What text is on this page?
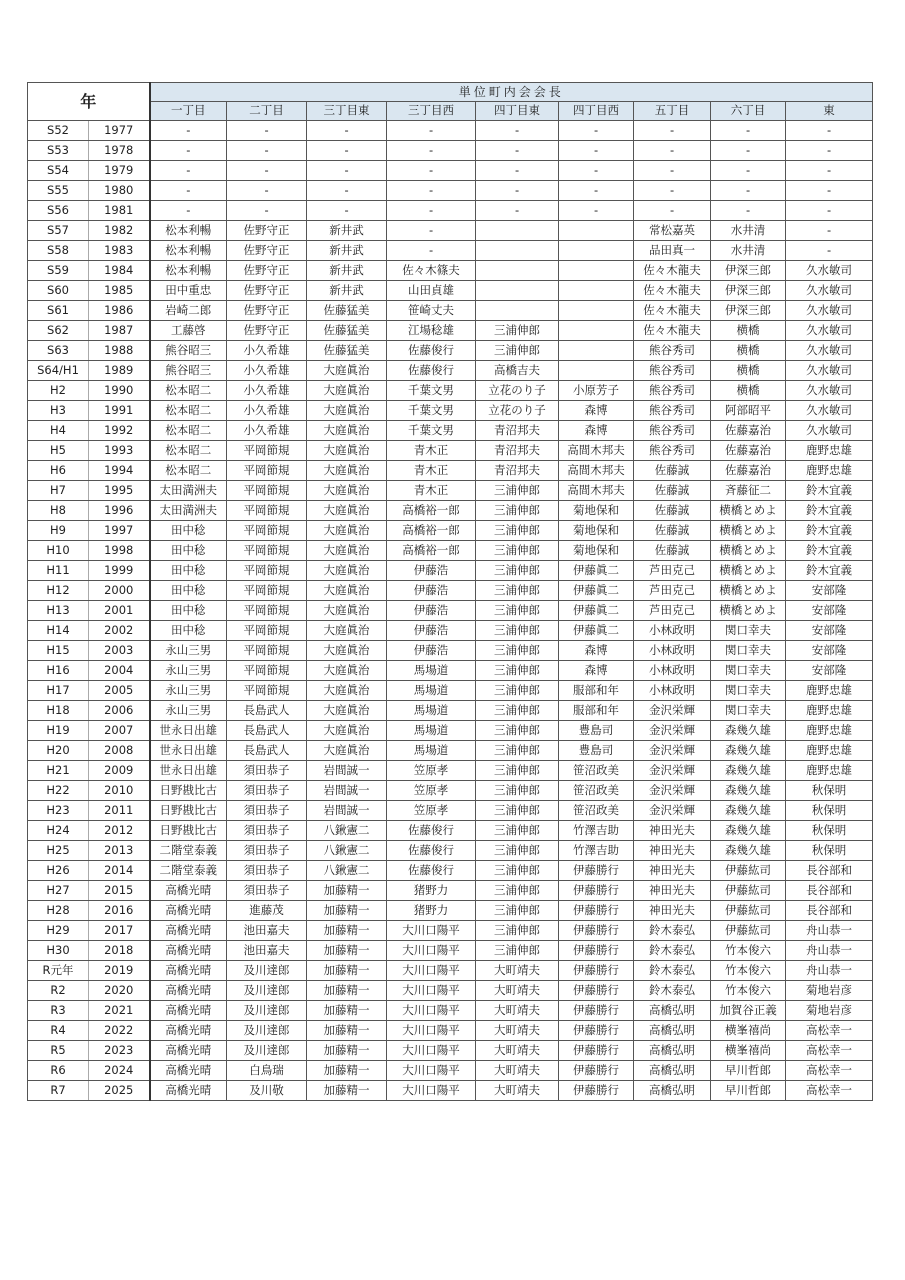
年		単位町内会会長								
		一丁目	二丁目	三丁目東	三丁目西	四丁目東	四丁目西	五丁目	六丁目	東
S52	1977	-	-	-	-	-	-	-	-	-
S53	1978	-	-	-	-	-	-	-	-	-
S54	1979	-	-	-	-	-	-	-	-	-
S55	1980	-	-	-	-	-	-	-	-	-
S56	1981	-	-	-	-	-	-	-	-	-
S57	1982	松本利暢	佐野守正	新井武	-			常松嘉英	水井清	-
S58	1983	松本利暢	佐野守正	新井武	-			品田真一	水井清	-
S59	1984	松本利暢	佐野守正	新井武	佐々木篠夫			佐々木龍夫	伊深三郎	久水敏司
S60	1985	田中重忠	佐野守正	新井武	山田貞雄			佐々木龍夫	伊深三郎	久水敏司
S61	1986	岩崎二郎	佐野守正	佐藤猛美	笹崎丈夫			佐々木龍夫	伊深三郎	久水敏司
S62	1987	工藤啓	佐野守正	佐藤猛美	江場稔雄	三浦伸郎		佐々木龍夫	横橋	久水敏司
S63	1988	熊谷昭三	小久希雄	佐藤猛美	佐藤俊行	三浦伸郎		熊谷秀司	横橋	久水敏司
S64/H1	1989	熊谷昭三	小久希雄	大庭眞治	佐藤俊行	高橋吉夫		熊谷秀司	横橋	久水敏司
H2	1990	松本昭二	小久希雄	大庭眞治	千葉文男	立花のり子	小原芳子	熊谷秀司	横橋	久水敏司
H3	1991	松本昭二	小久希雄	大庭眞治	千葉文男	立花のり子	森博	熊谷秀司	阿部昭平	久水敏司
H4	1992	松本昭二	小久希雄	大庭眞治	千葉文男	青沼邦夫	森博	熊谷秀司	佐藤嘉治	久水敏司
H5	1993	松本昭二	平岡節規	大庭眞治	青木正	青沼邦夫	高間木邦夫	熊谷秀司	佐藤嘉治	鹿野忠雄
H6	1994	松本昭二	平岡節規	大庭眞治	青木正	青沼邦夫	高間木邦夫	佐藤誠	佐藤嘉治	鹿野忠雄
H7	1995	太田満洲夫	平岡節規	大庭眞治	青木正	三浦伸郎	高間木邦夫	佐藤誠	斉藤征二	鈴木宜義
H8	1996	太田満洲夫	平岡節規	大庭眞治	高橋裕一郎	三浦伸郎	菊地保和	佐藤誠	横橋とめよ	鈴木宜義
H9	1997	田中稔	平岡節規	大庭眞治	高橋裕一郎	三浦伸郎	菊地保和	佐藤誠	横橋とめよ	鈴木宜義
H10	1998	田中稔	平岡節規	大庭眞治	高橋裕一郎	三浦伸郎	菊地保和	佐藤誠	横橋とめよ	鈴木宜義
H11	1999	田中稔	平岡節規	大庭眞治	伊藤浩	三浦伸郎	伊藤眞二	芦田克己	横橋とめよ	鈴木宜義
H12	2000	田中稔	平岡節規	大庭眞治	伊藤浩	三浦伸郎	伊藤眞二	芦田克己	横橋とめよ	安部隆
H13	2001	田中稔	平岡節規	大庭眞治	伊藤浩	三浦伸郎	伊藤眞二	芦田克己	横橋とめよ	安部隆
H14	2002	田中稔	平岡節規	大庭眞治	伊藤浩	三浦伸郎	伊藤眞二	小林政明	関口幸夫	安部隆
H15	2003	永山三男	平岡節規	大庭眞治	伊藤浩	三浦伸郎	森博	小林政明	関口幸夫	安部隆
H16	2004	永山三男	平岡節規	大庭眞治	馬場道	三浦伸郎	森博	小林政明	関口幸夫	安部隆
H17	2005	永山三男	平岡節規	大庭眞治	馬場道	三浦伸郎	服部和年	小林政明	関口幸夫	鹿野忠雄
H18	2006	永山三男	長島武人	大庭眞治	馬場道	三浦伸郎	服部和年	金沢栄輝	関口幸夫	鹿野忠雄
H19	2007	世永日出雄	長島武人	大庭眞治	馬場道	三浦伸郎	豊島司	金沢栄輝	森幾久雄	鹿野忠雄
H20	2008	世永日出雄	長島武人	大庭眞治	馬場道	三浦伸郎	豊島司	金沢栄輝	森幾久雄	鹿野忠雄
H21	2009	世永日出雄	須田恭子	岩間誠一	笠原孝	三浦伸郎	笹沼政美	金沢栄輝	森幾久雄	鹿野忠雄
H22	2010	日野戡比古	須田恭子	岩間誠一	笠原孝	三浦伸郎	笹沼政美	金沢栄輝	森幾久雄	秋保明
H23	2011	日野戡比古	須田恭子	岩間誠一	笠原孝	三浦伸郎	笹沼政美	金沢栄輝	森幾久雄	秋保明
H24	2012	日野戡比古	須田恭子	八鍬憲二	佐藤俊行	三浦伸郎	竹澤吉助	神田光夫	森幾久雄	秋保明
H25	2013	二階堂泰義	須田恭子	八鍬憲二	佐藤俊行	三浦伸郎	竹澤吉助	神田光夫	森幾久雄	秋保明
H26	2014	二階堂泰義	須田恭子	八鍬憲二	佐藤俊行	三浦伸郎	伊藤勝行	神田光夫	伊藤紘司	長谷部和
H27	2015	高橋光晴	須田恭子	加藤精一	猪野力	三浦伸郎	伊藤勝行	神田光夫	伊藤紘司	長谷部和
H28	2016	高橋光晴	進藤茂	加藤精一	猪野力	三浦伸郎	伊藤勝行	神田光夫	伊藤紘司	長谷部和
H29	2017	高橋光晴	池田嘉夫	加藤精一	大川口陽平	三浦伸郎	伊藤勝行	鈴木泰弘	伊藤紘司	舟山恭一
H30	2018	高橋光晴	池田嘉夫	加藤精一	大川口陽平	三浦伸郎	伊藤勝行	鈴木泰弘	竹本俊六	舟山恭一
R元年	2019	高橋光晴	及川達郎	加藤精一	大川口陽平	大町靖夫	伊藤勝行	鈴木泰弘	竹本俊六	舟山恭一
R2	2020	高橋光晴	及川達郎	加藤精一	大川口陽平	大町靖夫	伊藤勝行	鈴木泰弘	竹本俊六	菊地岩彦
R3	2021	高橋光晴	及川達郎	加藤精一	大川口陽平	大町靖夫	伊藤勝行	高橋弘明	加賀谷正義	菊地岩彦
R4	2022	高橋光晴	及川達郎	加藤精一	大川口陽平	大町靖夫	伊藤勝行	高橋弘明	横峯禧尚	高松幸一
R5	2023	高橋光晴	及川達郎	加藤精一	大川口陽平	大町靖夫	伊藤勝行	高橋弘明	横峯禧尚	高松幸一
R6	2024	高橋光晴	白鳥瑞	加藤精一	大川口陽平	大町靖夫	伊藤勝行	高橋弘明	早川哲郎	高松幸一
R7	2025	高橋光晴	及川敬	加藤精一	大川口陽平	大町靖夫	伊藤勝行	高橋弘明	早川哲郎	高松幸一
